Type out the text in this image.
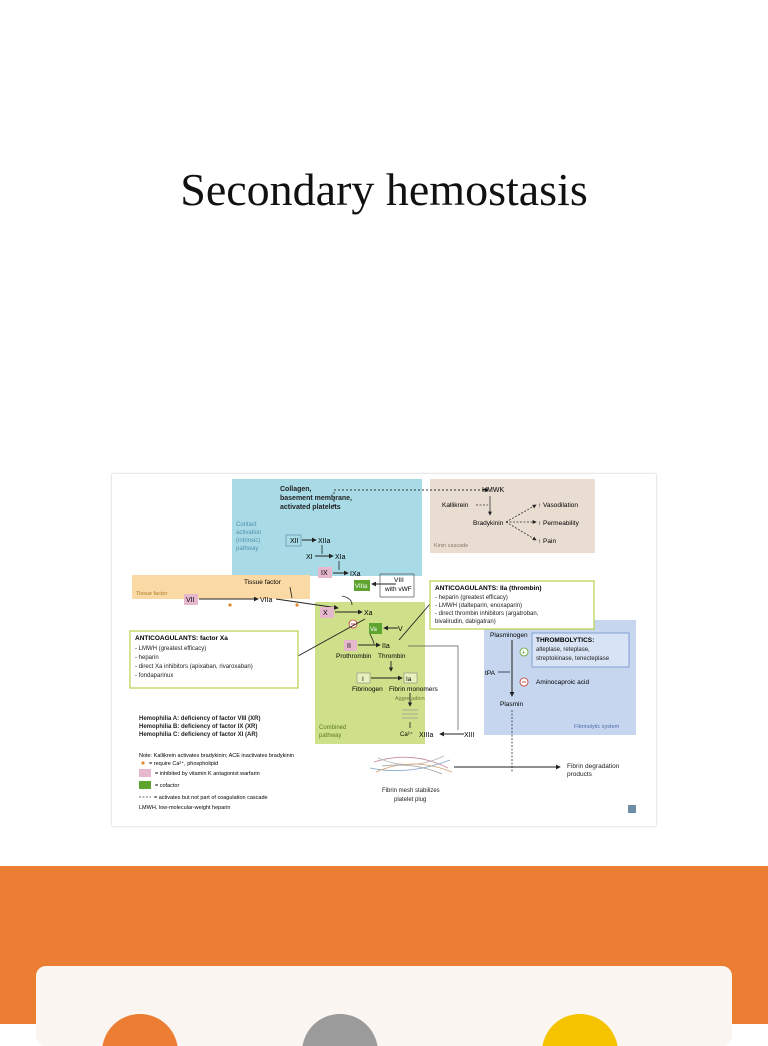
Secondary hemostasis
Collagen, basement membrane, activated platelets
Contact activation (intrinsic) pathway
XII	XIIa
XI	XIa
IX	IXa
VIIIa
VIII
with vWF
HMWK
Kallikrein
Bradykinin
↑ Vasodilation
↑ Permeability
↑ Pain
Kinin cascade
Tissue factor
Tissue factor
VII	VIIa
X	Xa
Va	V
II	IIa
Prothrombin Thrombin
I	Ia
Fibrinogen Fibrin monomers
Aggregation
Ca²⁺ XIIIa	XIII
Combined pathway
ANTICOAGULANTS: factor Xa
- LMWH (greatest efficacy) - heparin - direct Xa inhibitors (apixaban, rivaroxaban) - fondaparinux
ANTICOAGULANTS: IIa (thrombin)
- heparin (greatest efficacy) - LMWH (dalteparin, enoxaparin) - direct thrombin inhibitors (argatroban, bivalirudin, dabigatran)
Plasminogen
tPA
+
THROMBOLYTICS:
alteplase, reteplase, streptokinase, tenecteplase
Aminocaproic acid
Plasmin
Fibrinolytic system
Fibrin mesh stabilizes platelet plug
Fibrin degradation products
Hemophilia A: deficiency of factor VIII (XR) Hemophilia B: deficiency of factor IX (XR) Hemophilia C: deficiency of factor XI (AR)
Note: Kallikrein activates bradykinin; ACE inactivates bradykinin
= require Ca²⁺, phospholipid
= inhibited by vitamin K antagonist warfarin
= cofactor
= activates but not part of coagulation cascade
LMWH, low-molecular-weight heparin
